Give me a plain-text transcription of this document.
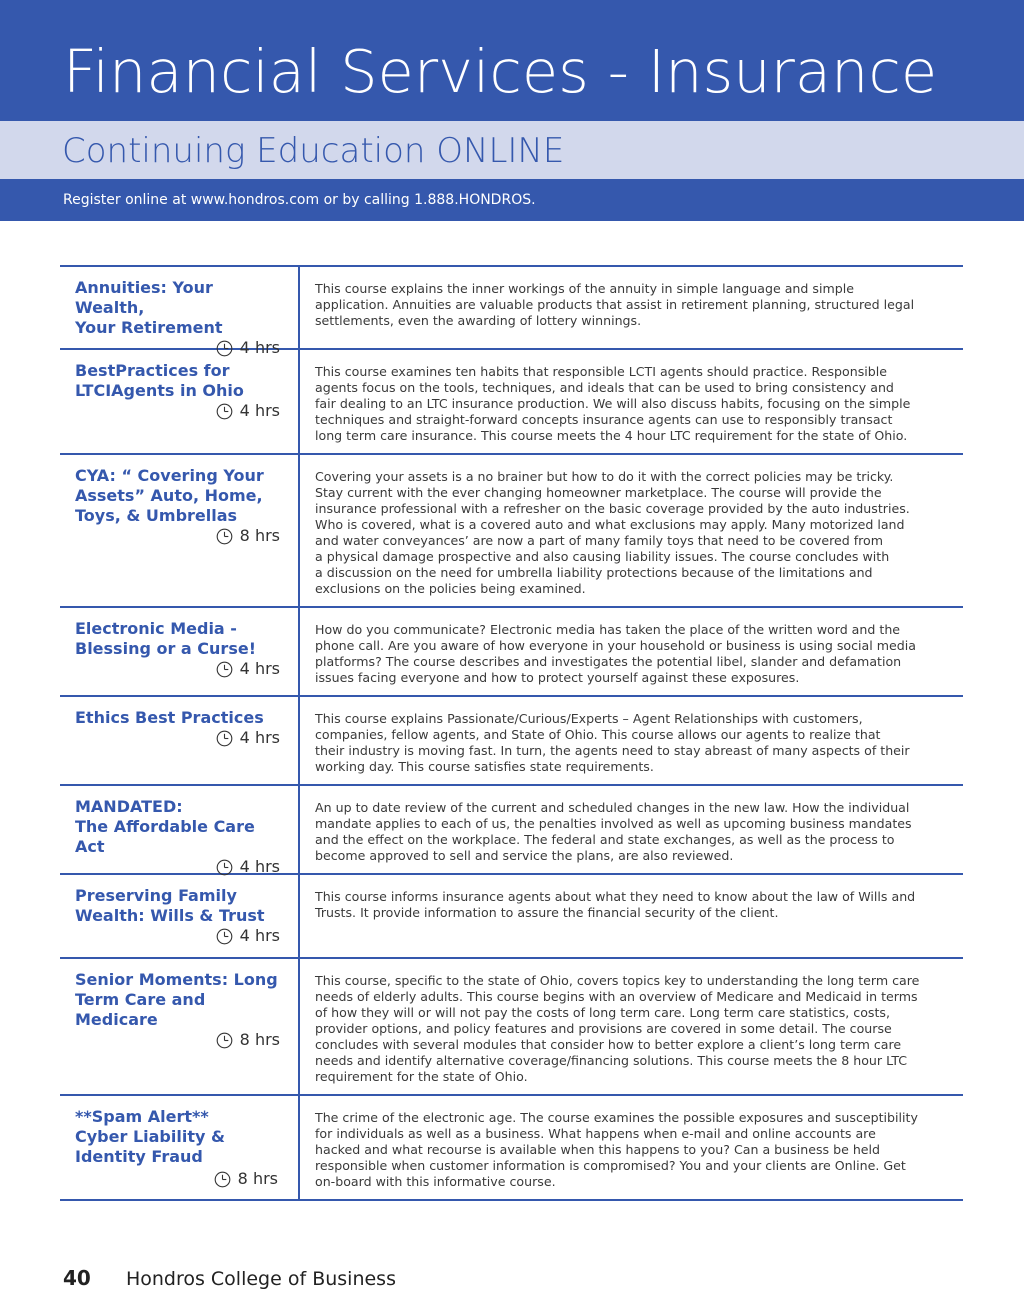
Financial Services - Insurance
Continuing Education ONLINE
Register online at www.hondros.com or by calling 1.888.HONDROS.
Annuities: Your Wealth,
Your Retirement
4 hrs
This course explains the inner workings of the annuity in simple language and simple
application. Annuities are valuable products that assist in retirement planning, structured legal
settlements, even the awarding of lottery winnings.
BestPractices for
LTCIAgents in Ohio
4 hrs
This course examines ten habits that responsible LCTI agents should practice. Responsible
agents focus on the tools, techniques, and ideals that can be used to bring consistency and
fair dealing to an LTC insurance production. We will also discuss habits, focusing on the simple
techniques and straight-forward concepts insurance agents can use to responsibly transact
long term care insurance. This course meets the 4 hour LTC requirement for the state of Ohio.
CYA: “ Covering Your
Assets” Auto, Home,
Toys, & Umbrellas
8 hrs
Covering your assets is a no brainer but how to do it with the correct policies may be tricky.
Stay current with the ever changing homeowner marketplace. The course will provide the
insurance professional with a refresher on the basic coverage provided by the auto industries.
Who is covered, what is a covered auto and what exclusions may apply. Many motorized land
and water conveyances’ are now a part of many family toys that need to be covered from
a physical damage prospective and also causing liability issues. The course concludes with
a discussion on the need for umbrella liability protections because of the limitations and
exclusions on the policies being examined.
Electronic Media -
Blessing or a Curse!
4 hrs
How do you communicate? Electronic media has taken the place of the written word and the
phone call. Are you aware of how everyone in your household or business is using social media
platforms? The course describes and investigates the potential libel, slander and defamation
issues facing everyone and how to protect yourself against these exposures.
Ethics Best Practices
4 hrs
This course explains Passionate/Curious/Experts – Agent Relationships with customers,
companies, fellow agents, and State of Ohio. This course allows our agents to realize that
their industry is moving fast. In turn, the agents need to stay abreast of many aspects of their
working day. This course satisfies state requirements.
MANDATED:
The Affordable Care Act
4 hrs
An up to date review of the current and scheduled changes in the new law. How the individual
mandate applies to each of us, the penalties involved as well as upcoming business mandates
and the effect on the workplace. The federal and state exchanges, as well as the process to
become approved to sell and service the plans, are also reviewed.
Preserving Family
Wealth: Wills & Trust
4 hrs
This course informs insurance agents about what they need to know about the law of Wills and
Trusts. It provide information to assure the financial security of the client.
Senior Moments: Long
Term Care and Medicare
8 hrs
This course, specific to the state of Ohio, covers topics key to understanding the long term care
needs of elderly adults. This course begins with an overview of Medicare and Medicaid in terms
of how they will or will not pay the costs of long term care. Long term care statistics, costs,
provider options, and policy features and provisions are covered in some detail. The course
concludes with several modules that consider how to better explore a client’s long term care
needs and identify alternative coverage/financing solutions. This course meets the 8 hour LTC
requirement for the state of Ohio.
**Spam Alert**
Cyber Liability &
Identity Fraud
8 hrs
The crime of the electronic age. The course examines the possible exposures and susceptibility
for individuals as well as a business. What happens when e-mail and online accounts are
hacked and what recourse is available when this happens to you? Can a business be held
responsible when customer information is compromised? You and your clients are Online. Get
on-board with this informative course.
40 Hondros College of Business
